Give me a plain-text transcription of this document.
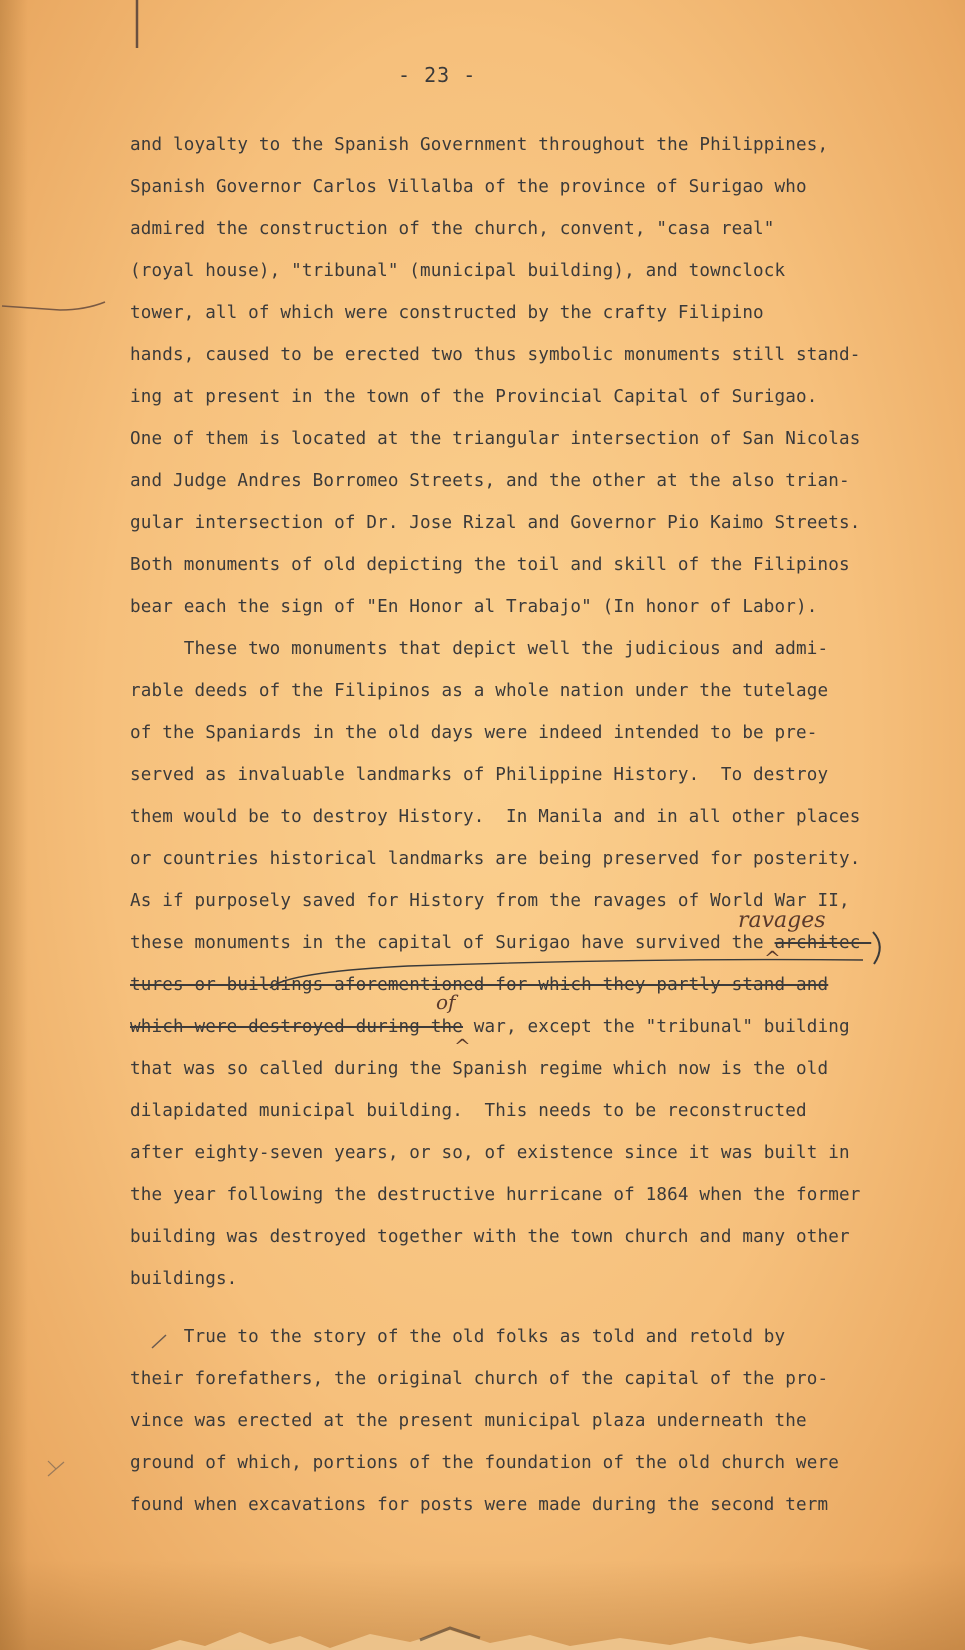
- 23 -
and loyalty to the Spanish Government throughout the Philippines,
Spanish Governor Carlos Villalba of the province of Surigao who
admired the construction of the church, convent, "casa real"
(royal house), "tribunal" (municipal building), and townclock
tower, all of which were constructed by the crafty Filipino
hands, caused to be erected two thus symbolic monuments still stand-
ing at present in the town of the Provincial Capital of Surigao.
One of them is located at the triangular intersection of San Nicolas
and Judge Andres Borromeo Streets, and the other at the also trian-
gular intersection of Dr. Jose Rizal and Governor Pio Kaimo Streets.
Both monuments of old depicting the toil and skill of the Filipinos
bear each the sign of "En Honor al Trabajo" (In honor of Labor).
These two monuments that depict well the judicious and admi-
rable deeds of the Filipinos as a whole nation under the tutelage
of the Spaniards in the old days were indeed intended to be pre-
served as invaluable landmarks of Philippine History.  To destroy
them would be to destroy History.  In Manila and in all other places
or countries historical landmarks are being preserved for posterity.
As if purposely saved for History from the ravages of World War II,
ravages
these monuments in the capital of Surigao have survived the architec-
^
tures or buildings aforementioned for which they partly stand and
of
which were destroyed during the war, except the "tribunal" building
^
that was so called during the Spanish regime which now is the old
dilapidated municipal building.  This needs to be reconstructed
after eighty-seven years, or so, of existence since it was built in
the year following the destructive hurricane of 1864 when the former
building was destroyed together with the town church and many other
buildings.
True to the story of the old folks as told and retold by
their forefathers, the original church of the capital of the pro-
vince was erected at the present municipal plaza underneath the
ground of which, portions of the foundation of the old church were
found when excavations for posts were made during the second term
